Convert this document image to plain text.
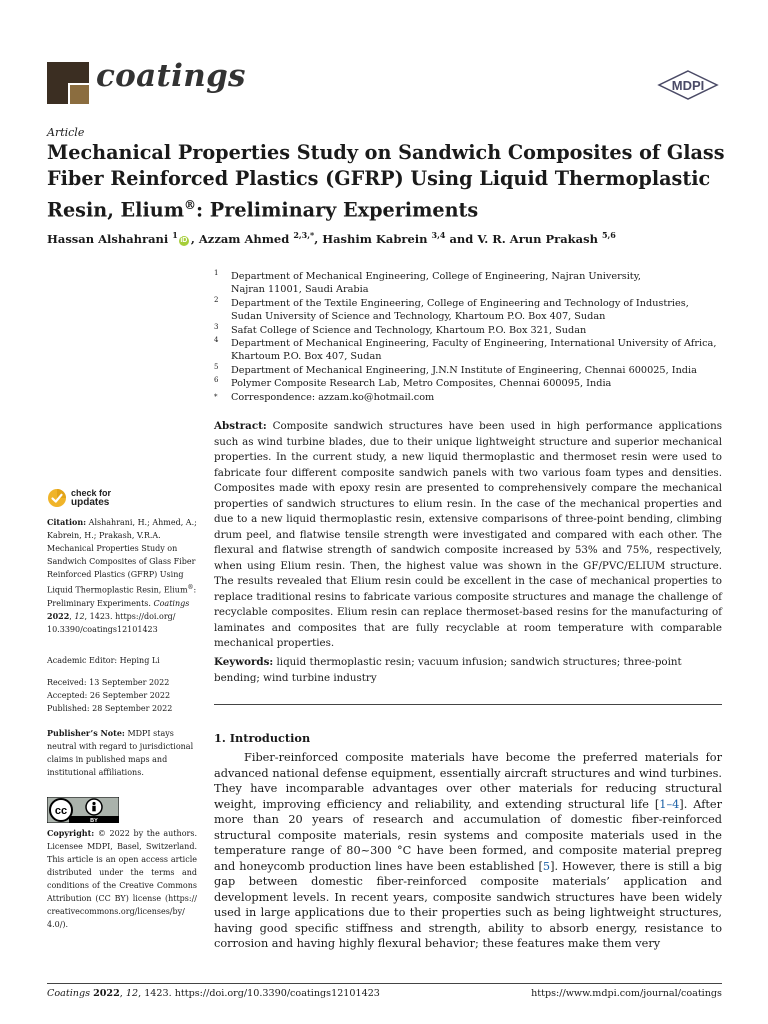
coatings	MDPI
Article
Mechanical Properties Study on Sandwich Composites of Glass Fiber Reinforced Plastics (GFRP) Using Liquid Thermoplastic Resin, Elium®: Preliminary Experiments
Hassan Alshahrani $^1$iD , Azzam Ahmed $^{2,3,*}$, Hashim Kabrein $^{3,4}$ and V. R. Arun Prakash $^{5,6}$
1 Department of Mechanical Engineering, College of Engineering, Najran University,
Najran 11001, Saudi Arabia
2 Department of the Textile Engineering, College of Engineering and Technology of Industries,
Sudan University of Science and Technology, Khartoum P.O. Box 407, Sudan
3 Safat College of Science and Technology, Khartoum P.O. Box 321, Sudan
4 Department of Mechanical Engineering, Faculty of Engineering, International University of Africa,
Khartoum P.O. Box 407, Sudan
5 Department of Mechanical Engineering, J.N.N Institute of Engineering, Chennai 600025, India
6 Polymer Composite Research Lab, Metro Composites, Chennai 600095, India
* Correspondence: azzam.ko@hotmail.com

Abstract: Composite sandwich structures have been used in high performance applications such as wind turbine blades, due to their unique lightweight structure and superior mechanical properties. In the current study, a new liquid thermoplastic and thermoset resin were used to fabricate four different composite sandwich panels with two various foam types and densities. Composites made with epoxy resin are presented to comprehensively compare the mechanical properties of sandwich structures to elium resin. In the case of the mechanical properties and due to a new liquid thermoplastic resin, extensive comparisons of three-point bending, climbing drum peel, and flatwise tensile strength were investigated and compared with each other. The flexural and flatwise strength of sandwich composite increased by 53% and 75%, respectively, when using Elium resin. Then, the highest value was shown in the GF/PVC/ELIUM structure. The results revealed that Elium resin could be excellent in the case of mechanical properties to replace traditional resins to fabricate various composite structures and manage the challenge of recyclable composites. Elium resin can replace thermoset-based resins for the manufacturing of laminates and composites that are fully recyclable at room temperature with comparable mechanical properties.

Keywords: liquid thermoplastic resin; vacuum infusion; sandwich structures; three-point bending; wind turbine industry

1. Introduction

Fiber-reinforced composite materials have become the preferred materials for advanced national defense equipment, essentially aircraft structures and wind turbines. They have incomparable advantages over other materials for reducing structural weight, improving efficiency and reliability, and extending structural life [1–4]. After more than 20 years of research and accumulation of domestic fiber-reinforced structural composite materials, resin systems and composite materials used in the temperature range of 80~300 °C have been formed, and composite material prepreg and honeycomb production lines have been established [5]. However, there is still a big gap between domestic fiber-reinforced composite materials’ application and development levels. In recent years, composite sandwich structures have been widely used in large applications due to their properties such as being lightweight structures, having good specific stiffness and strength, ability to absorb energy, resistance to corrosion and having highly flexural behavior; these features make them very

check for
updates
Citation: Alshahrani, H.; Ahmed, A.; Kabrein, H.; Prakash, V.R.A. Mechanical Properties Study on Sandwich Composites of Glass Fiber Reinforced Plastics (GFRP) Using Liquid Thermoplastic Resin, Elium®: Preliminary Experiments. Coatings 2022, 12, 1423. https://doi.org/ 10.3390/coatings12101423
Academic Editor: Heping Li
Received: 13 September 2022
Accepted: 26 September 2022
Published: 28 September 2022
Publisher’s Note: MDPI stays neutral with regard to jurisdictional claims in published maps and institutional affiliations.
cc
BY
Copyright: © 2022 by the authors. Licensee MDPI, Basel, Switzerland. This article is an open access article distributed under the terms and conditions of the Creative Commons Attribution (CC BY) license (https:// creativecommons.org/licenses/by/ 4.0/).
Coatings 2022, 12, 1423. https://doi.org/10.3390/coatings12101423	https://www.mdpi.com/journal/coatings
